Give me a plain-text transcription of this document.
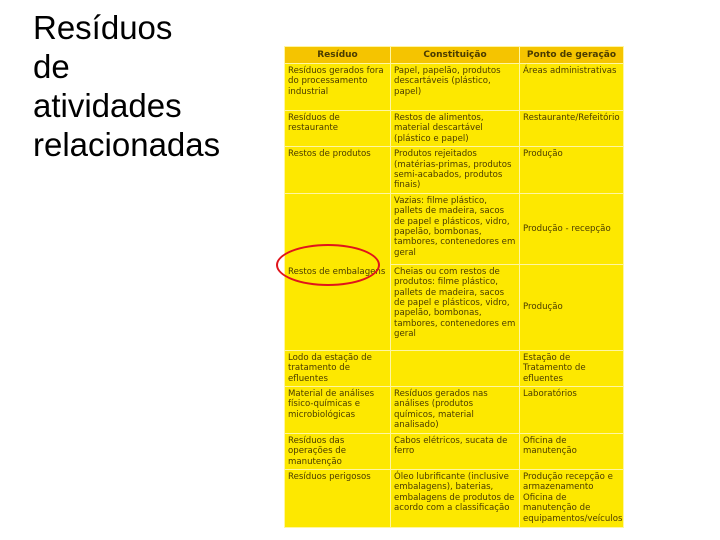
Resíduos
de
atividades
relacionadas
Resíduo	Constituição	Ponto de geração
Resíduos gerados fora do processamento industrial	Papel, papelão, produtos descartáveis (plástico, papel)	Áreas administrativas
Resíduos de restaurante	Restos de alimentos, material descartável (plástico e papel)	Restaurante/Refeitório
Restos de produtos	Produtos rejeitados (matérias-primas, produtos semi-acabados, produtos finais)	Produção
Restos de embalagens	Vazias: filme plástico, pallets de madeira, sacos de papel e plásticos, vidro, papelão, bombonas, tambores, contenedores em geral	Produção - recepção
	Cheias ou com restos de produtos: filme plástico, pallets de madeira, sacos de papel e plásticos, vidro, papelão, bombonas, tambores, contenedores em geral	Produção
Lodo da estação de tratamento de efluentes		Estação de Tratamento de efluentes
Material de análises físico-químicas e microbiológicas	Resíduos gerados nas análises (produtos químicos, material analisado)	Laboratórios
Resíduos das operações de manutenção	Cabos elétricos, sucata de ferro	Oficina de manutenção
Resíduos perigosos	Óleo lubrificante (inclusive embalagens), baterias, embalagens de produtos de acordo com a classificação	Produção recepção e armazenamento Oficina de manutenção de equipamentos/veículos
